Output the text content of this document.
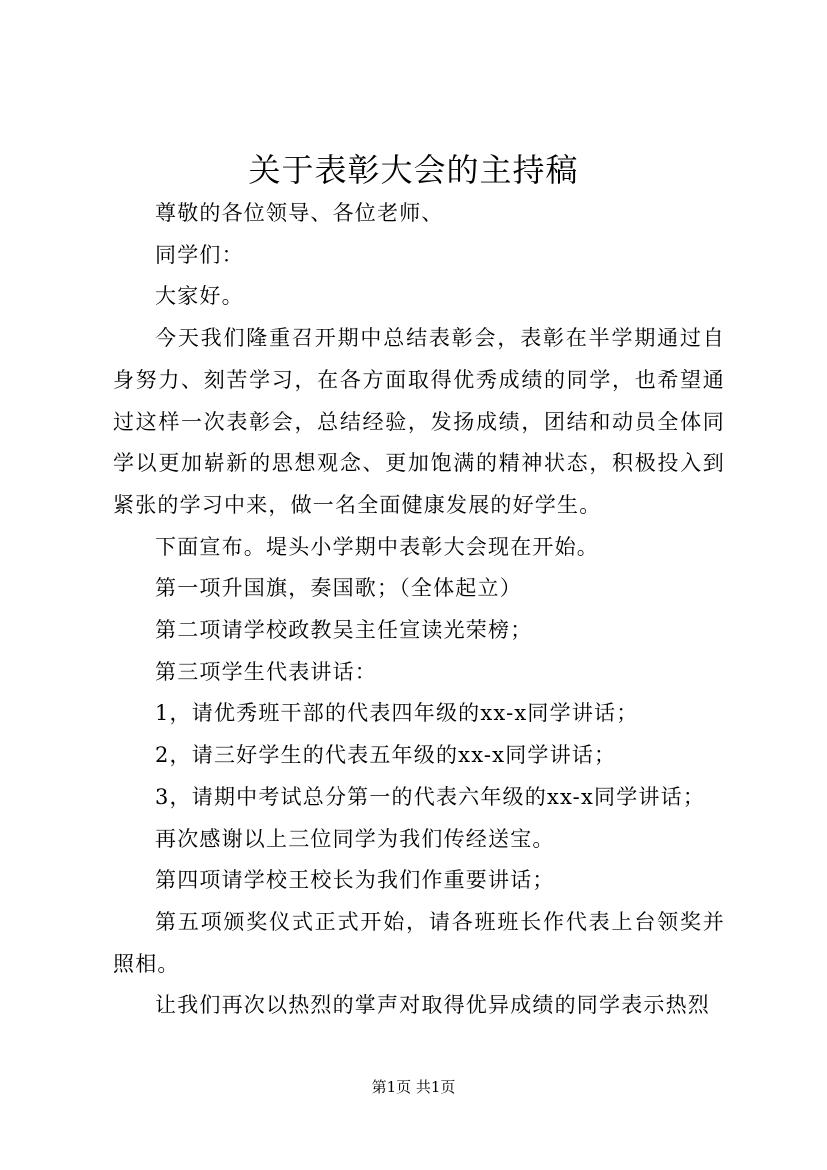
关于表彰大会的主持稿

尊敬的各位领导、各位老师、

同学们：

大家好。

今天我们隆重召开期中总结表彰会，表彰在半学期通过自身努力、刻苦学习，在各方面取得优秀成绩的同学，也希望通过这样一次表彰会，总结经验，发扬成绩，团结和动员全体同学以更加崭新的思想观念、更加饱满的精神状态，积极投入到紧张的学习中来，做一名全面健康发展的好学生。

下面宣布。堤头小学期中表彰大会现在开始。

第一项升国旗，奏国歌；（全体起立）

第二项请学校政教吴主任宣读光荣榜；

第三项学生代表讲话：

1，请优秀班干部的代表四年级的xx-x同学讲话；

2，请三好学生的代表五年级的xx-x同学讲话；

3，请期中考试总分第一的代表六年级的xx-x同学讲话；

再次感谢以上三位同学为我们传经送宝。

第四项请学校王校长为我们作重要讲话；

第五项颁奖仪式正式开始，请各班班长作代表上台领奖并照相。

让我们再次以热烈的掌声对取得优异成绩的同学表示热烈

第1页 共1页
